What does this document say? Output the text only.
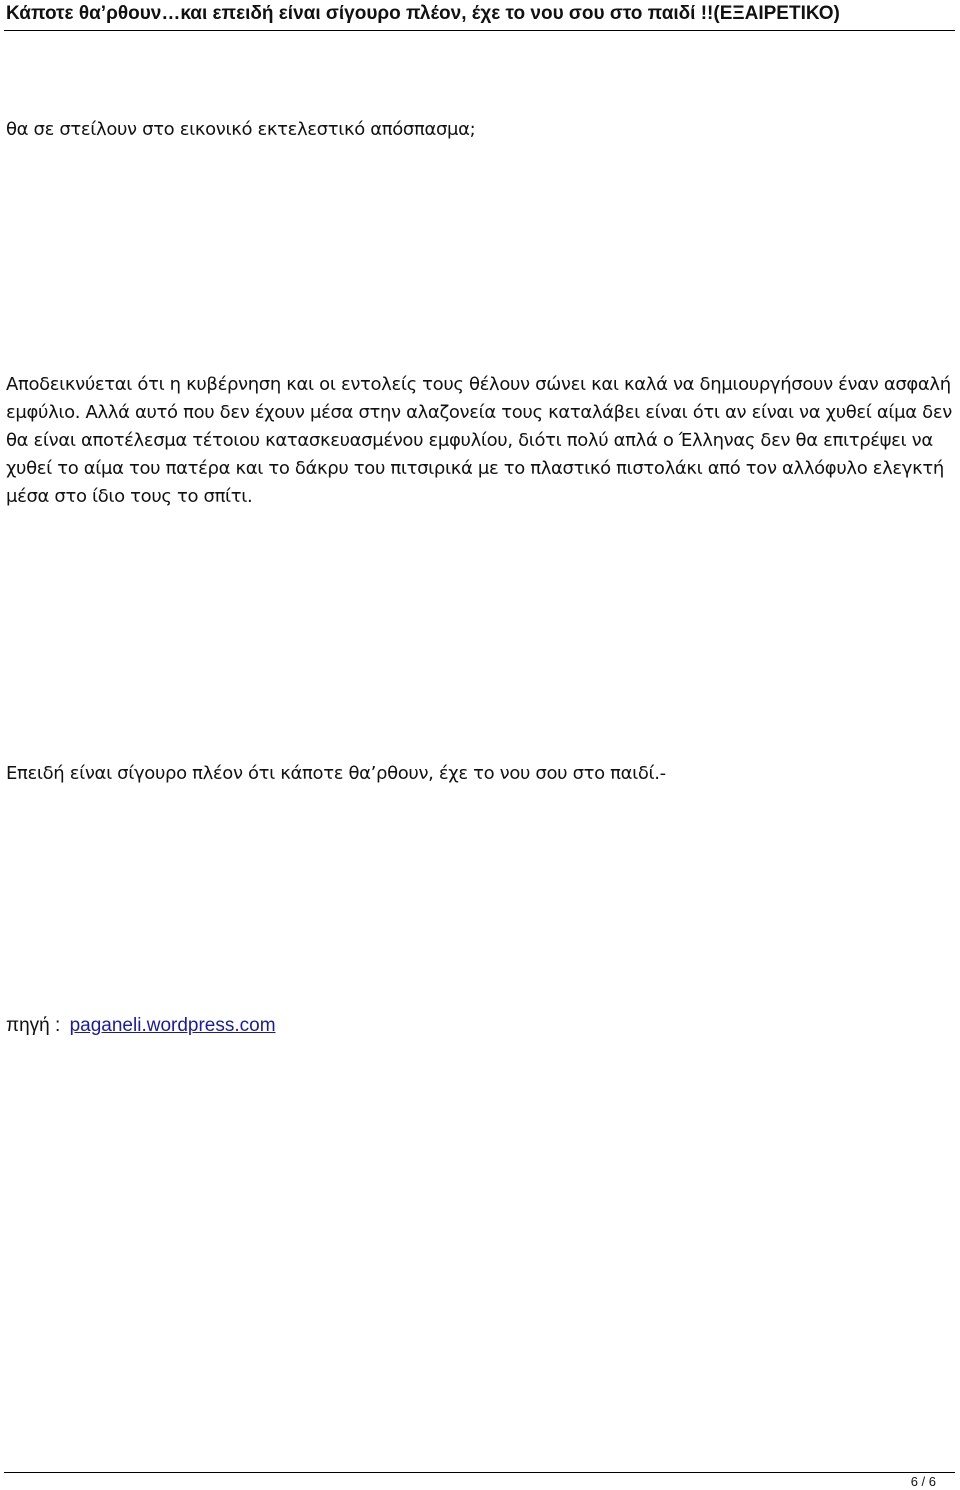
Κάποτε θα’ρθουν…και επειδή είναι σίγουρο πλέον, έχε το νου σου στο παιδί !!(ΕΞΑΙΡΕΤΙΚΟ)

θα σε στείλουν στο εικονικό εκτελεστικό απόσπασμα;

Αποδεικνύεται ότι η κυβέρνηση και οι εντολείς τους θέλουν σώνει και καλά να δημιουργήσουν έναν ασφαλή εμφύλιο. Αλλά αυτό που δεν έχουν μέσα στην αλαζονεία τους καταλάβει είναι ότι αν είναι να χυθεί αίμα δεν θα είναι αποτέλεσμα τέτοιου κατασκευασμένου εμφυλίου, διότι πολύ απλά ο Έλληνας δεν θα επιτρέψει να χυθεί το αίμα του πατέρα και το δάκρυ του πιτσιρικά με το πλαστικό πιστολάκι από τον αλλόφυλο ελεγκτή μέσα στο ίδιο τους το σπίτι.

Επειδή είναι σίγουρο πλέον ότι κάποτε θα’ρθουν, έχε το νου σου στο παιδί.-

πηγή : paganeli.wordpress.com
6 / 6
